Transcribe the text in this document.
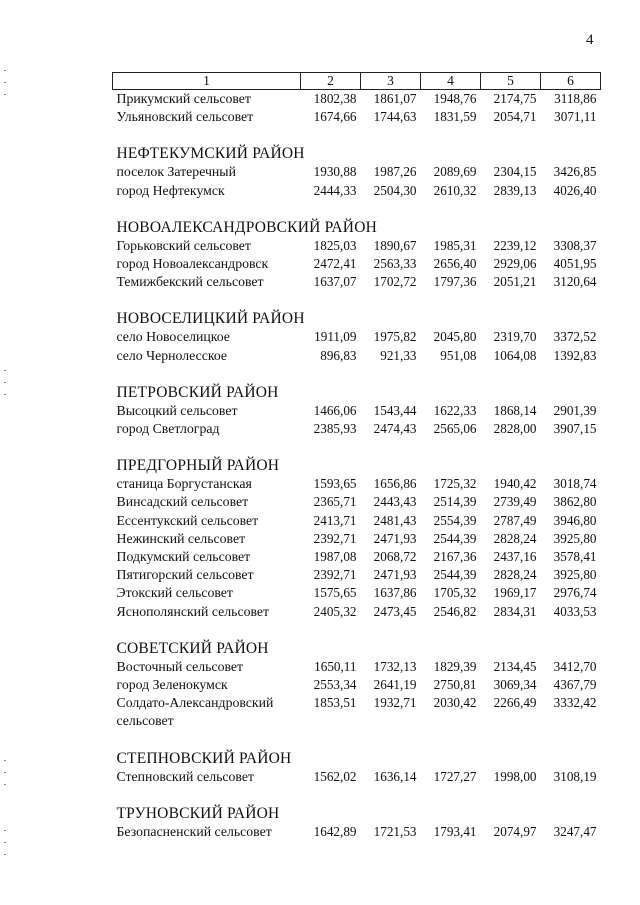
4
1	2	3	4	5	6
Прикумский сельсовет	1802,38	1861,07	1948,76	2174,75	3118,86
Ульяновский сельсовет	1674,66	1744,63	1831,59	2054,71	3071,11

НЕФТЕКУМСКИЙ РАЙОН					
поселок Затеречный	1930,88	1987,26	2089,69	2304,15	3426,85
город Нефтекумск	2444,33	2504,30	2610,32	2839,13	4026,40

НОВОАЛЕКСАНДРОВСКИЙ РАЙОН					
Горьковский сельсовет	1825,03	1890,67	1985,31	2239,12	3308,37
город Новоалександровск	2472,41	2563,33	2656,40	2929,06	4051,95
Темижбекский сельсовет	1637,07	1702,72	1797,36	2051,21	3120,64

НОВОСЕЛИЦКИЙ РАЙОН					
село Новоселицкое	1911,09	1975,82	2045,80	2319,70	3372,52
село Чернолесское	896,83	921,33	951,08	1064,08	1392,83

ПЕТРОВСКИЙ РАЙОН					
Высоцкий сельсовет	1466,06	1543,44	1622,33	1868,14	2901,39
город Светлоград	2385,93	2474,43	2565,06	2828,00	3907,15

ПРЕДГОРНЫЙ РАЙОН					
станица Боргустанская	1593,65	1656,86	1725,32	1940,42	3018,74
Винсадский сельсовет	2365,71	2443,43	2514,39	2739,49	3862,80
Ессентукский сельсовет	2413,71	2481,43	2554,39	2787,49	3946,80
Нежинский сельсовет	2392,71	2471,93	2544,39	2828,24	3925,80
Подкумский сельсовет	1987,08	2068,72	2167,36	2437,16	3578,41
Пятигорский сельсовет	2392,71	2471,93	2544,39	2828,24	3925,80
Этокский сельсовет	1575,65	1637,86	1705,32	1969,17	2976,74
Яснополянский сельсовет	2405,32	2473,45	2546,82	2834,31	4033,53

СОВЕТСКИЙ РАЙОН					
Восточный сельсовет	1650,11	1732,13	1829,39	2134,45	3412,70
город Зеленокумск	2553,34	2641,19	2750,81	3069,34	4367,79
Солдато-Александровский сельсовет	1853,51	1932,71	2030,42	2266,49	3332,42

СТЕПНОВСКИЙ РАЙОН					
Степновский сельсовет	1562,02	1636,14	1727,27	1998,00	3108,19

ТРУНОВСКИЙ РАЙОН					
Безопасненский сельсовет	1642,89	1721,53	1793,41	2074,97	3247,47
